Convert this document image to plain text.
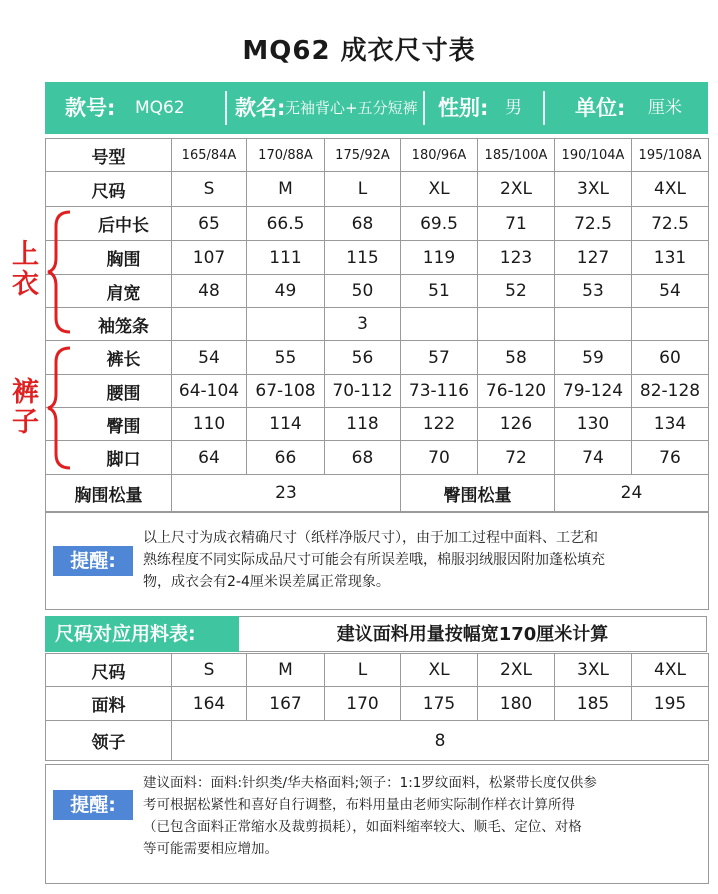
MQ62 成衣尺寸表
款号: MQ62 款名: 无袖背心+五分短裤 性别: 男	单位: 厘米
号型	165/84A	170/88A	175/92A	180/96A	185/100A	190/104A	195/108A
尺码	S	M	L	XL	2XL	3XL	4XL
后中长	65	66.5	68	69.5	71	72.5	72.5
胸围	107	111	115	119	123	127	131
肩宽	48	49	50	51	52	53	54
袖笼条			3				
裤长	54	55	56	57	58	59	60
腰围	64-104	67-108	70-112	73-116	76-120	79-124	82-128
臀围	110	114	118	122	126	130	134
脚口	64	66	68	70	72	74	76
胸围松量	23			臀围松量		24	
上衣
裤子
提醒:
以上尺寸为成衣精确尺寸（纸样净版尺寸），由于加工过程中面料、工艺和
熟练程度不同实际成品尺寸可能会有所误差哦，棉服羽绒服因附加蓬松填充
物，成衣会有2-4厘米误差属正常现象。
尺码对应用料表:	建议面料用量按幅宽170厘米计算
尺码	S	M	L	XL	2XL	3XL	4XL
面料	164	167	170	175	180	185	195
领子	8						
提醒:
建议面料：面料:针织类/华夫格面料;领子：1:1罗纹面料，松紧带长度仅供参
考可根据松紧性和喜好自行调整，布料用量由老师实际制作样衣计算所得
（已包含面料正常缩水及裁剪损耗），如面料缩率较大、顺毛、定位、对格
等可能需要相应增加。
